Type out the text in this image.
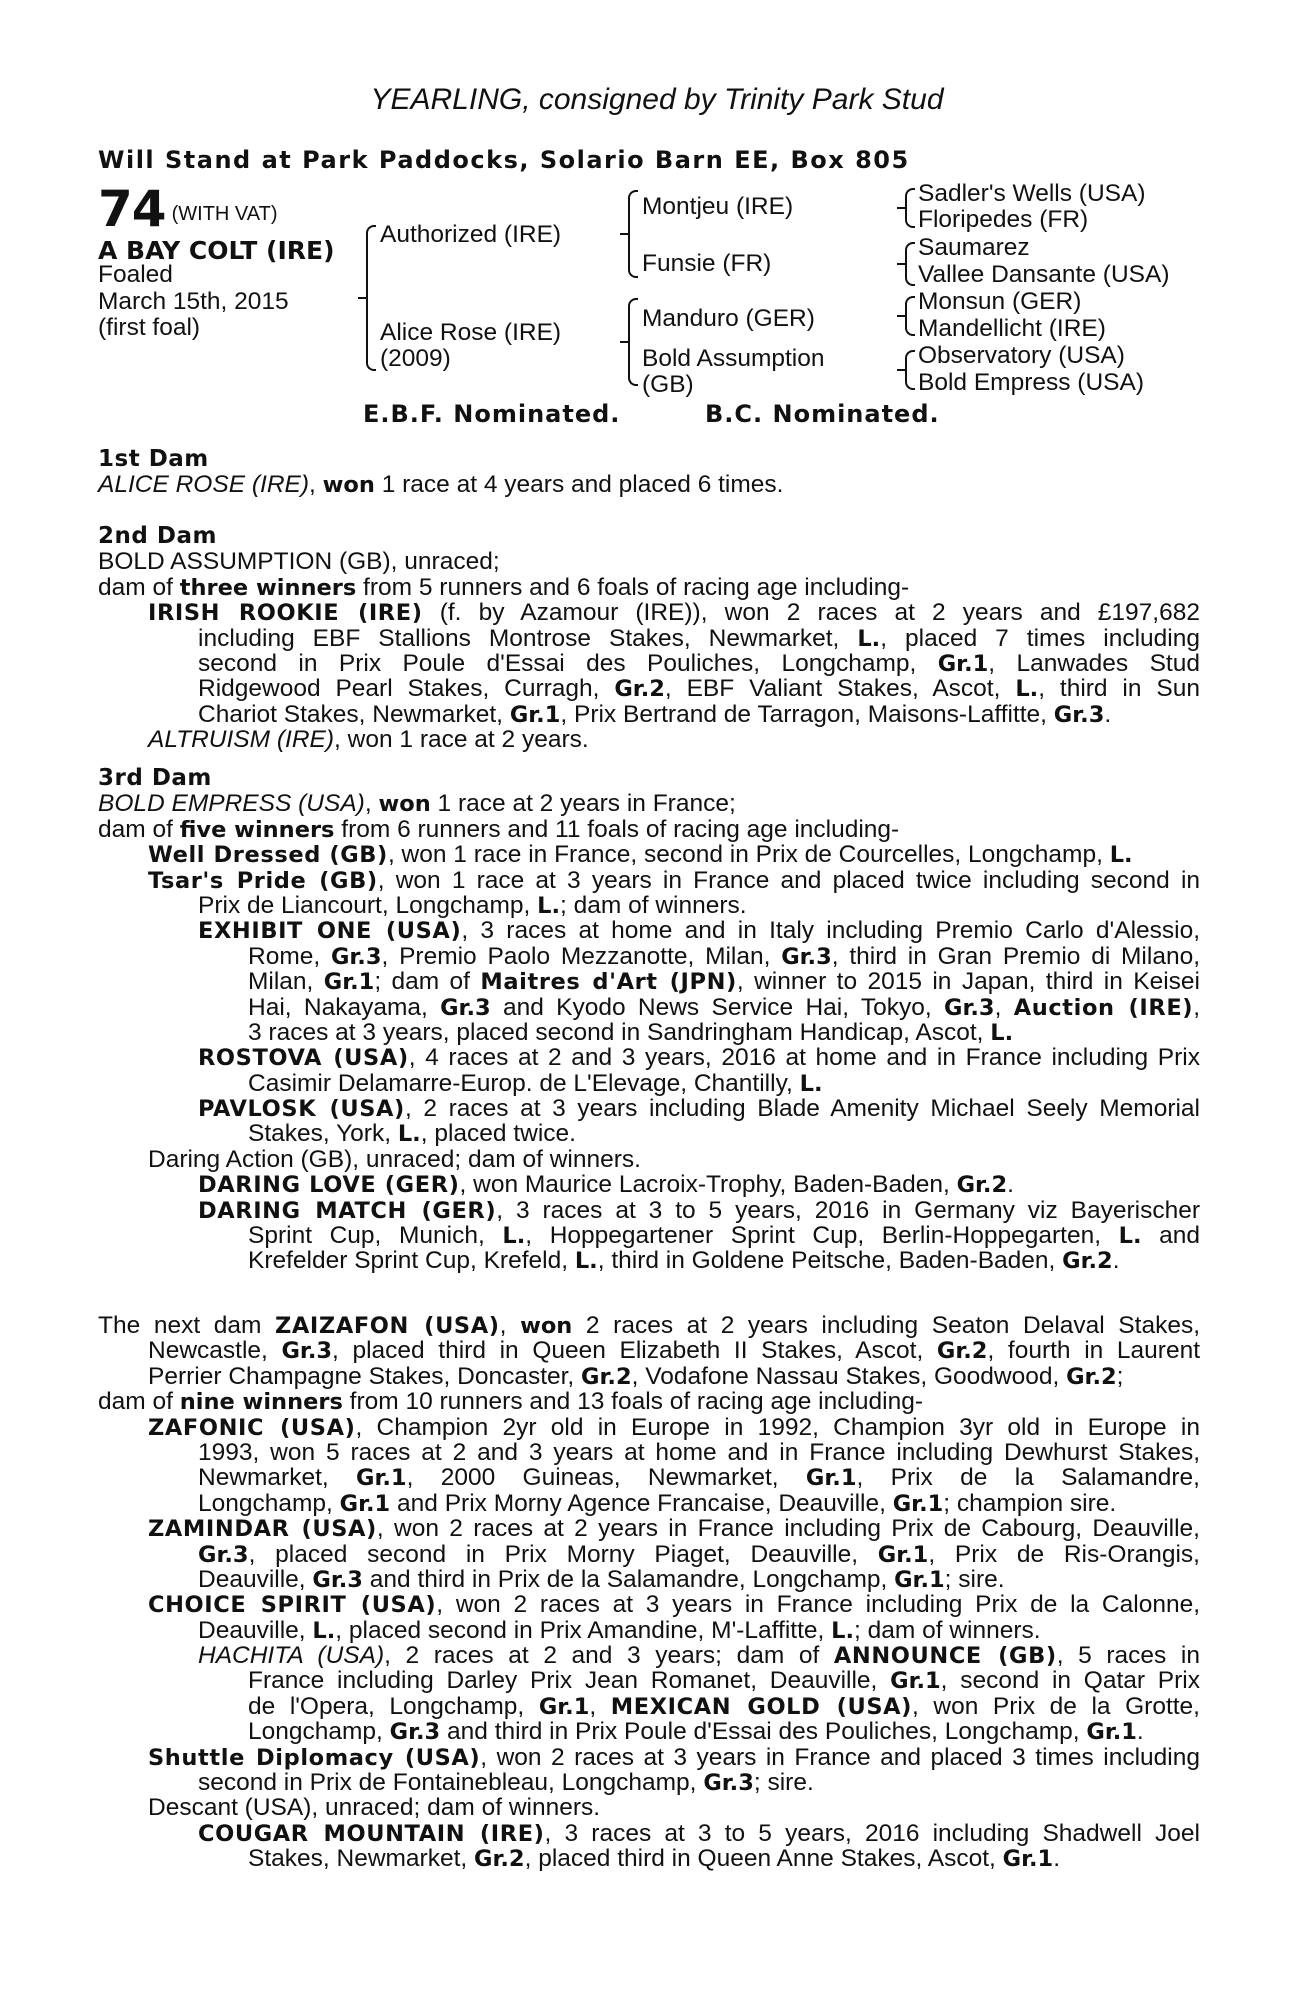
YEARLING, consigned by Trinity Park Stud
Will Stand at Park Paddocks, Solario Barn EE, Box 805
74 $^{(WITH VAT)}$
A BAY COLT (IRE)
Foaled
March 15th, 2015
(first foal)
Authorized (IRE)
Alice Rose (IRE)
(2009)
Montjeu (IRE)
Funsie (FR)
Manduro (GER)
Bold Assumption
(GB)
Sadler's Wells (USA)
Floripedes (FR)
Saumarez
Vallee Dansante (USA)
Monsun (GER)
Mandellicht (IRE)
Observatory (USA)
Bold Empress (USA)
E.B.F. Nominated.	B.C. Nominated.
1st Dam
ALICE ROSE (IRE), won 1 race at 4 years and placed 6 times.
2nd Dam
BOLD ASSUMPTION (GB), unraced;
dam of three winners from 5 runners and 6 foals of racing age including-
IRISH ROOKIE (IRE) (f. by Azamour (IRE)), won 2 races at 2 years and £197,682
including EBF Stallions Montrose Stakes, Newmarket, L., placed 7 times including
second in Prix Poule d'Essai des Pouliches, Longchamp, Gr.1, Lanwades Stud
Ridgewood Pearl Stakes, Curragh, Gr.2, EBF Valiant Stakes, Ascot, L., third in Sun
Chariot Stakes, Newmarket, Gr.1, Prix Bertrand de Tarragon, Maisons-Laffitte, Gr.3.
ALTRUISM (IRE), won 1 race at 2 years.
3rd Dam
BOLD EMPRESS (USA), won 1 race at 2 years in France;
dam of five winners from 6 runners and 11 foals of racing age including-
Well Dressed (GB), won 1 race in France, second in Prix de Courcelles, Longchamp, L.
Tsar's Pride (GB), won 1 race at 3 years in France and placed twice including second in
Prix de Liancourt, Longchamp, L.; dam of winners.
EXHIBIT ONE (USA), 3 races at home and in Italy including Premio Carlo d'Alessio,
Rome, Gr.3, Premio Paolo Mezzanotte, Milan, Gr.3, third in Gran Premio di Milano,
Milan, Gr.1; dam of Maitres d'Art (JPN), winner to 2015 in Japan, third in Keisei
Hai, Nakayama, Gr.3 and Kyodo News Service Hai, Tokyo, Gr.3, Auction (IRE),
3 races at 3 years, placed second in Sandringham Handicap, Ascot, L.
ROSTOVA (USA), 4 races at 2 and 3 years, 2016 at home and in France including Prix
Casimir Delamarre-Europ. de L'Elevage, Chantilly, L.
PAVLOSK (USA), 2 races at 3 years including Blade Amenity Michael Seely Memorial
Stakes, York, L., placed twice.
Daring Action (GB), unraced; dam of winners.
DARING LOVE (GER), won Maurice Lacroix-Trophy, Baden-Baden, Gr.2.
DARING MATCH (GER), 3 races at 3 to 5 years, 2016 in Germany viz Bayerischer
Sprint Cup, Munich, L., Hoppegartener Sprint Cup, Berlin-Hoppegarten, L. and
Krefelder Sprint Cup, Krefeld, L., third in Goldene Peitsche, Baden-Baden, Gr.2.
The next dam ZAIZAFON (USA), won 2 races at 2 years including Seaton Delaval Stakes,
Newcastle, Gr.3, placed third in Queen Elizabeth II Stakes, Ascot, Gr.2, fourth in Laurent
Perrier Champagne Stakes, Doncaster, Gr.2, Vodafone Nassau Stakes, Goodwood, Gr.2;
dam of nine winners from 10 runners and 13 foals of racing age including-
ZAFONIC (USA), Champion 2yr old in Europe in 1992, Champion 3yr old in Europe in
1993, won 5 races at 2 and 3 years at home and in France including Dewhurst Stakes,
Newmarket, Gr.1, 2000 Guineas, Newmarket, Gr.1, Prix de la Salamandre,
Longchamp, Gr.1 and Prix Morny Agence Francaise, Deauville, Gr.1; champion sire.
ZAMINDAR (USA), won 2 races at 2 years in France including Prix de Cabourg, Deauville,
Gr.3, placed second in Prix Morny Piaget, Deauville, Gr.1, Prix de Ris-Orangis,
Deauville, Gr.3 and third in Prix de la Salamandre, Longchamp, Gr.1; sire.
CHOICE SPIRIT (USA), won 2 races at 3 years in France including Prix de la Calonne,
Deauville, L., placed second in Prix Amandine, M'-Laffitte, L.; dam of winners.
HACHITA (USA), 2 races at 2 and 3 years; dam of ANNOUNCE (GB), 5 races in
France including Darley Prix Jean Romanet, Deauville, Gr.1, second in Qatar Prix
de l'Opera, Longchamp, Gr.1, MEXICAN GOLD (USA), won Prix de la Grotte,
Longchamp, Gr.3 and third in Prix Poule d'Essai des Pouliches, Longchamp, Gr.1.
Shuttle Diplomacy (USA), won 2 races at 3 years in France and placed 3 times including
second in Prix de Fontainebleau, Longchamp, Gr.3; sire.
Descant (USA), unraced; dam of winners.
COUGAR MOUNTAIN (IRE), 3 races at 3 to 5 years, 2016 including Shadwell Joel
Stakes, Newmarket, Gr.2, placed third in Queen Anne Stakes, Ascot, Gr.1.
